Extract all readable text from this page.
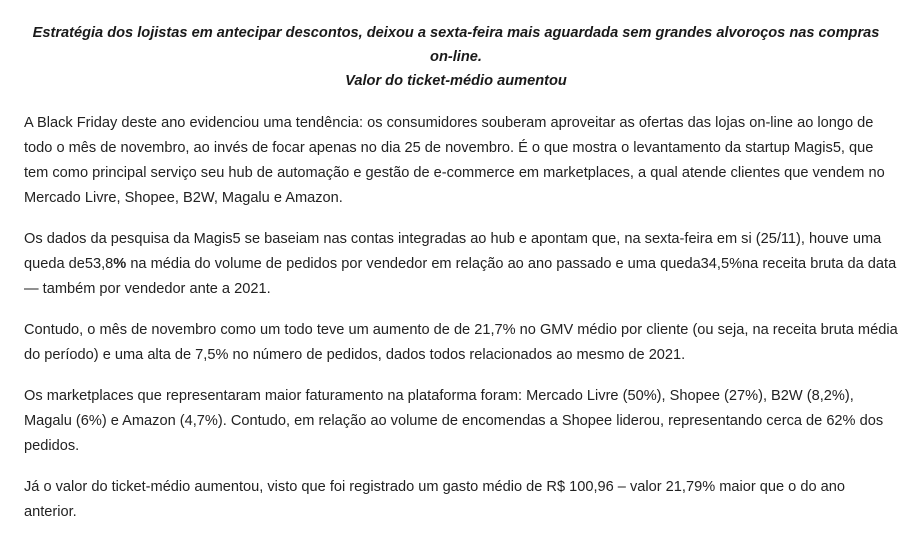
Estratégia dos lojistas em antecipar descontos, deixou a sexta-feira mais aguardada sem grandes alvoroços nas compras on-line.
Valor do ticket-médio aumentou

A Black Friday deste ano evidenciou uma tendência: os consumidores souberam aproveitar as ofertas das lojas on-line ao longo de todo o mês de novembro, ao invés de focar apenas no dia 25 de novembro. É o que mostra o levantamento da startup Magis5, que tem como principal serviço seu hub de automação e gestão de e-commerce em marketplaces, a qual atende clientes que vendem no Mercado Livre, Shopee, B2W, Magalu e Amazon.

Os dados da pesquisa da Magis5 se baseiam nas contas integradas ao hub e apontam que, na sexta-feira em si (25/11), houve uma queda de53,8% na média do volume de pedidos por vendedor em relação ao ano passado e uma queda34,5%na receita bruta da data — também por vendedor ante a 2021.

Contudo, o mês de novembro como um todo teve um aumento de de 21,7% no GMV médio por cliente (ou seja, na receita bruta média do período) e uma alta de 7,5% no número de pedidos, dados todos relacionados ao mesmo de 2021.

Os marketplaces que representaram maior faturamento na plataforma foram: Mercado Livre (50%), Shopee (27%), B2W (8,2%), Magalu (6%) e Amazon (4,7%). Contudo, em relação ao volume de encomendas a Shopee liderou, representando cerca de 62% dos pedidos.

Já o valor do ticket-médio aumentou, visto que foi registrado um gasto médio de R$ 100,96 – valor 21,79% maior que o do ano anterior.
